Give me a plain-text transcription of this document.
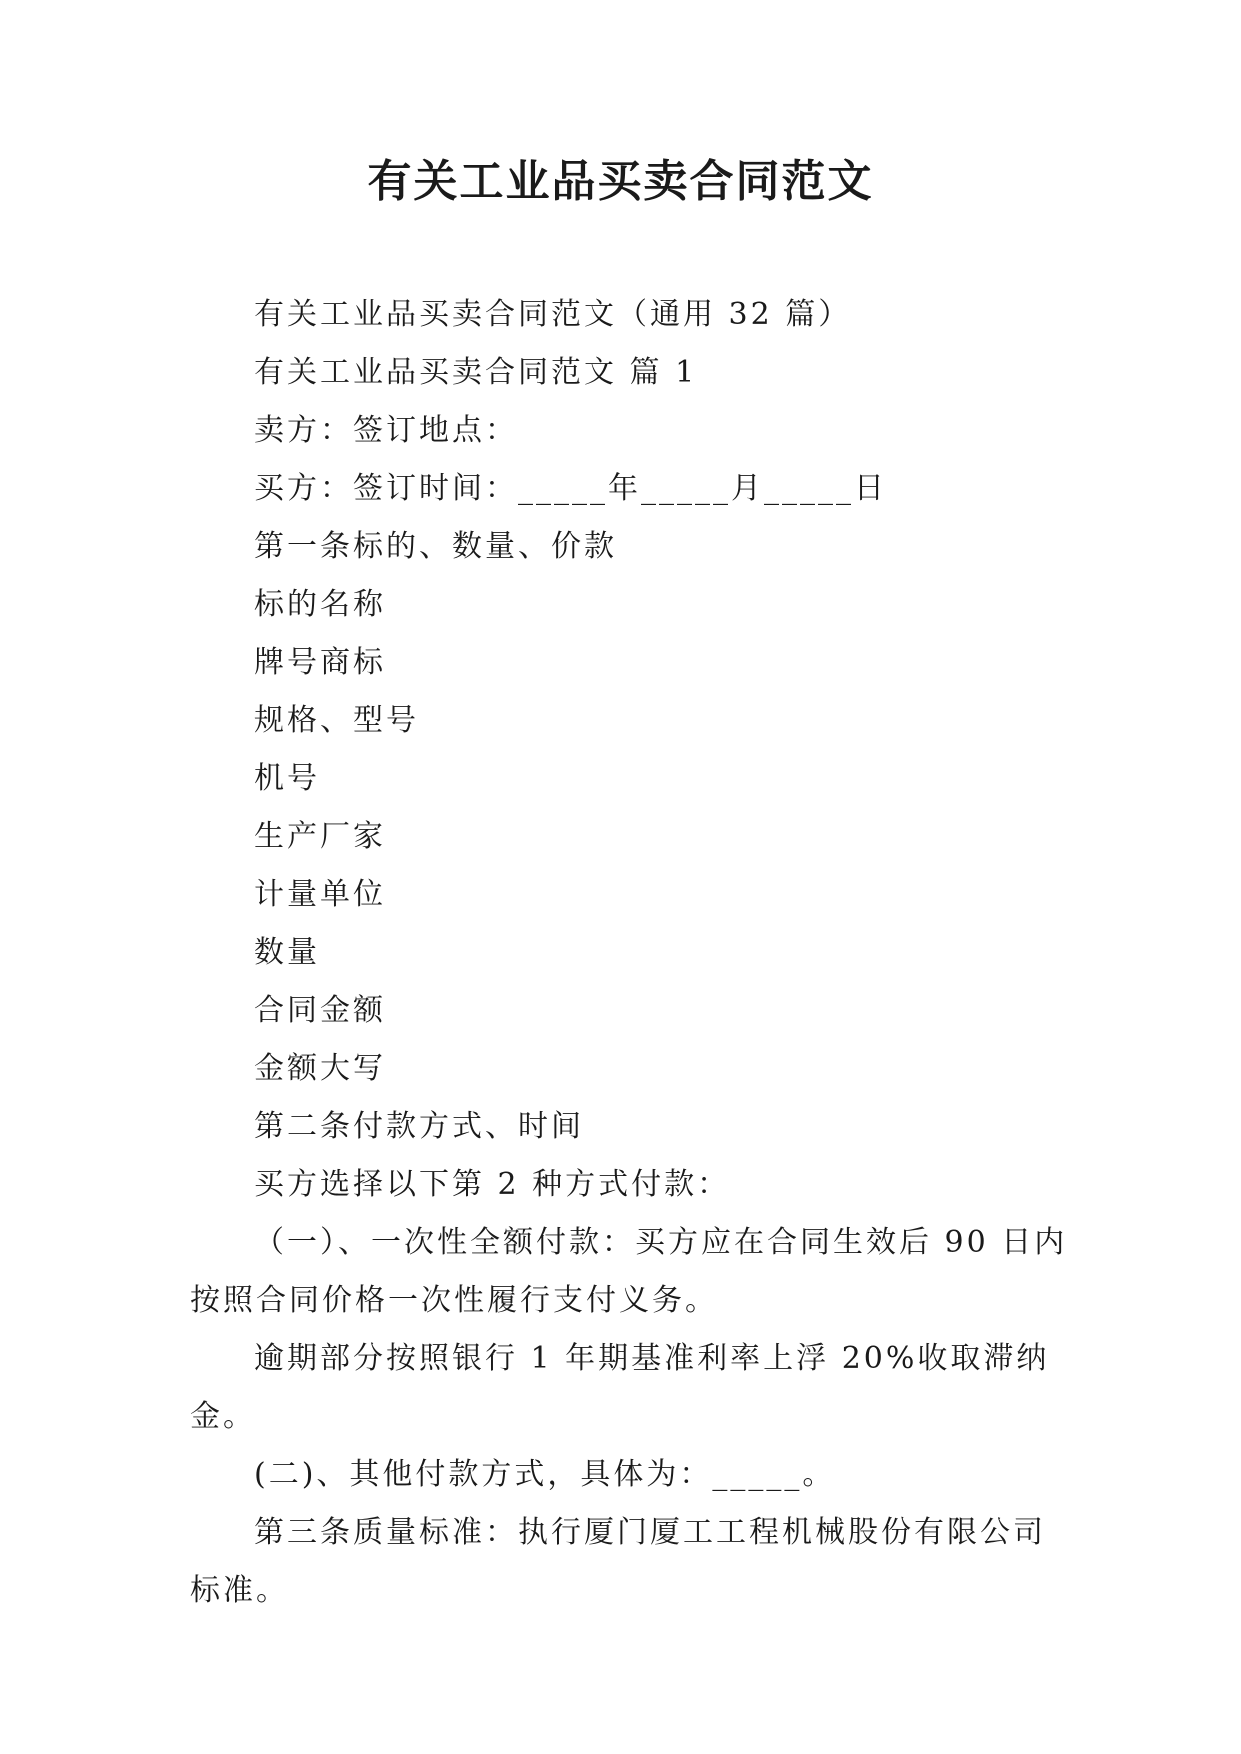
有关工业品买卖合同范文

有关工业品买卖合同范文（通用 32 篇）

有关工业品买卖合同范文 篇 1

卖方：签订地点：

买方：签订时间：_____年_____月_____日

第一条标的、数量、价款

标的名称

牌号商标

规格、型号

机号

生产厂家

计量单位

数量

合同金额

金额大写

第二条付款方式、时间

买方选择以下第 2 种方式付款：

（一）、一次性全额付款：买方应在合同生效后 90 日内按照合同价格一次性履行支付义务。

逾期部分按照银行 1 年期基准利率上浮 20%收取滞纳金。

(二)、其他付款方式，具体为：_____。

第三条质量标准：执行厦门厦工工程机械股份有限公司标准。
